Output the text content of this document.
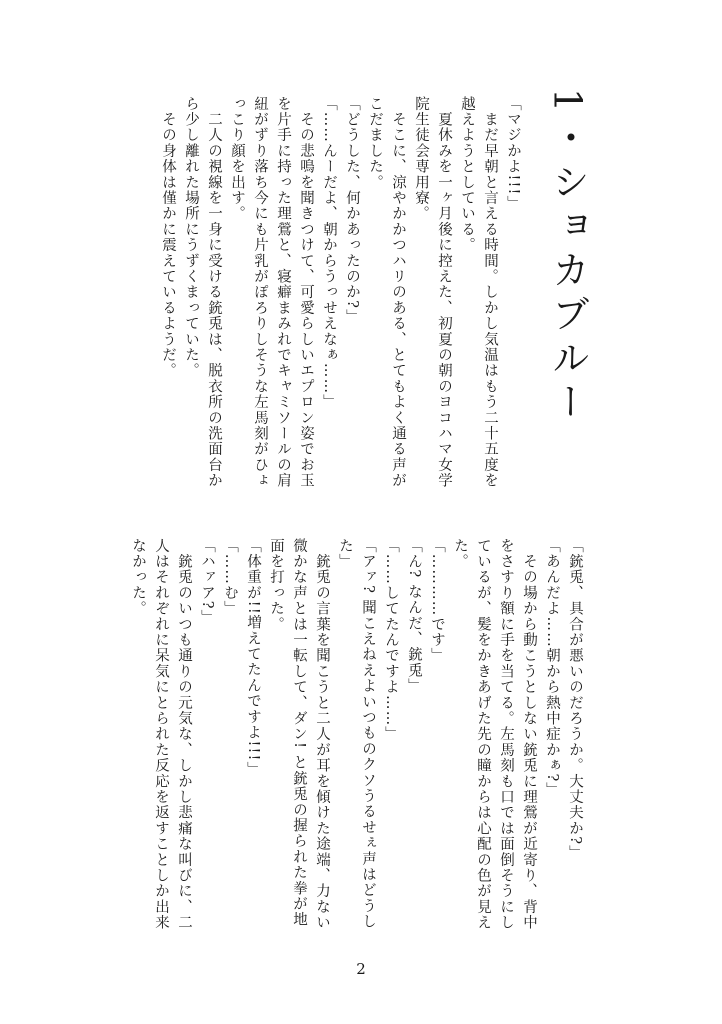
1・ショカブルー

「マジかよ!!!」

　まだ早朝と言える時間。しかし気温はもう二十五度を越えようとしている。

　夏休みを一ヶ月後に控えた、初夏の朝のヨコハマ女学院生徒会専用寮。

　そこに、涼やかかつハリのある、とてもよく通る声がこだました。

「どうした、何かあったのか?」

「……んーだよ、朝からうっせえなぁ……」

　その悲鳴を聞きつけて、可愛らしいエプロン姿でお玉を片手に持った理鶯と、寝癖まみれでキャミソールの肩紐がずり落ち今にも片乳がぽろりしそうな左馬刻がひょっこり顔を出す。

　二人の視線を一身に受ける銃兎は、脱衣所の洗面台から少し離れた場所にうずくまっていた。

　その身体は僅かに震えているようだ。

「銃兎、具合が悪いのだろうか。大丈夫か?」

「あんだよ……朝から熱中症かぁ?」

　その場から動こうとしない銃兎に理鶯が近寄り、背中をさすり額に手を当てる。左馬刻も口では面倒そうにしているが、髪をかきあげた先の瞳からは心配の色が見えた。

「…………です」

「ん? なんだ、銃兎」

「……してたんですよ……」

「アァ? 聞こえねえよいつものクソうるせぇ声はどうした」

　銃兎の言葉を聞こうと二人が耳を傾けた途端、力ない微かな声とは一転して、ダン! と銃兎の握られた拳が地面を打った。

「体重が!!増えてたんですよ!!!」

「……む」

「ハァア?」

　銃兎のいつも通りの元気な、しかし悲痛な叫びに、二人はそれぞれに呆気にとられた反応を返すことしか出来なかった。

2
